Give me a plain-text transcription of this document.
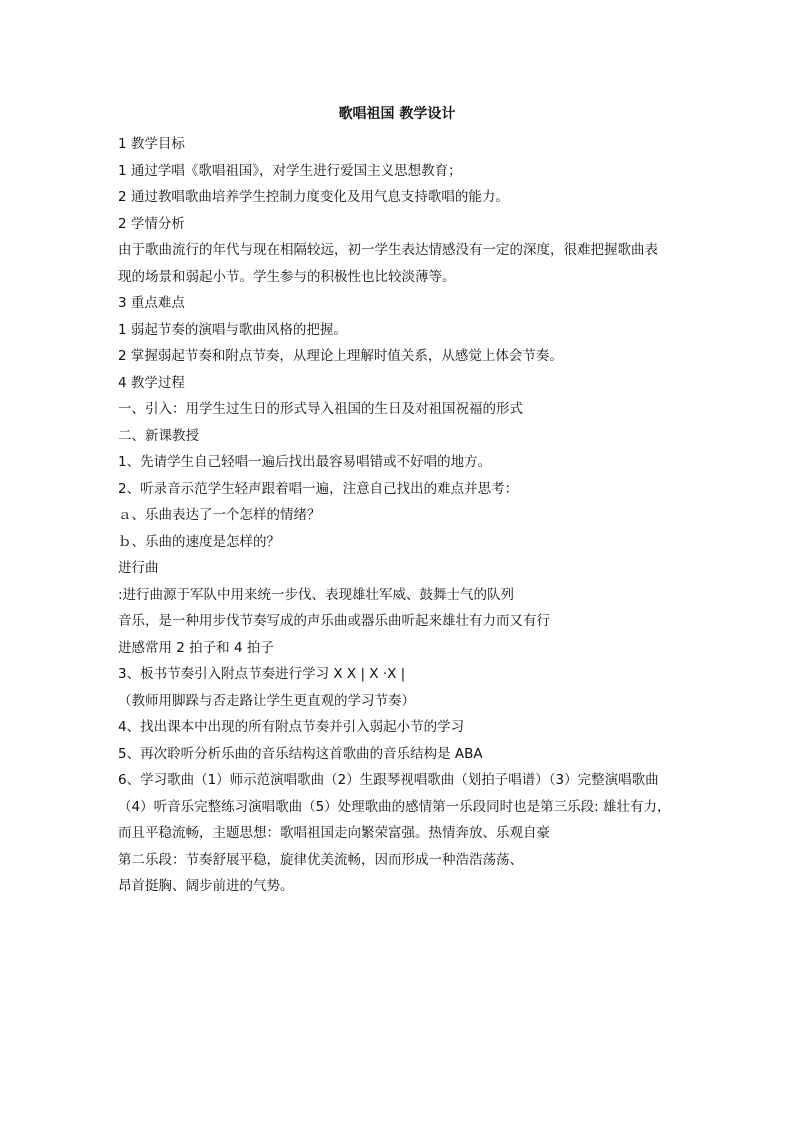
歌唱祖国 教学设计
1 教学目标
1 通过学唱《歌唱祖国》，对学生进行爱国主义思想教育；
2 通过教唱歌曲培养学生控制力度变化及用气息支持歌唱的能力。
2 学情分析
由于歌曲流行的年代与现在相隔较远，初一学生表达情感没有一定的深度，很难把握歌曲表
现的场景和弱起小节。学生参与的积极性也比较淡薄等。
3 重点难点
1 弱起节奏的演唱与歌曲风格的把握。
2 掌握弱起节奏和附点节奏，从理论上理解时值关系，从感觉上体会节奏。
4 教学过程
一、引入：用学生过生日的形式导入祖国的生日及对祖国祝福的形式
二、新课教授
1、先请学生自己轻唱一遍后找出最容易唱错或不好唱的地方。
2、听录音示范学生轻声跟着唱一遍，注意自己找出的难点并思考：
ａ、乐曲表达了一个怎样的情绪？
ｂ、乐曲的速度是怎样的？
进行曲
:进行曲源于军队中用来统一步伐、表现雄壮军威、鼓舞士气的队列
音乐，是一种用步伐节奏写成的声乐曲或器乐曲听起来雄壮有力而又有行
进感常用 2 拍子和 4 拍子
3、板书节奏引入附点节奏进行学习 X X | X ·X |
（教师用脚跺与否走路让学生更直观的学习节奏）
4、找出课本中出现的所有附点节奏并引入弱起小节的学习
5、再次聆听分析乐曲的音乐结构这首歌曲的音乐结构是 ABA
6、学习歌曲（1）师示范演唱歌曲（2）生跟琴视唱歌曲（划拍子唱谱）（3）完整演唱歌曲
（4）听音乐完整练习演唱歌曲（5）处理歌曲的感情第一乐段同时也是第三乐段: 雄壮有力，
而且平稳流畅，主题思想：歌唱祖国走向繁荣富强。热情奔放、乐观自豪
第二乐段：节奏舒展平稳，旋律优美流畅，因而形成一种浩浩荡荡、
昂首挺胸、阔步前进的气势。
